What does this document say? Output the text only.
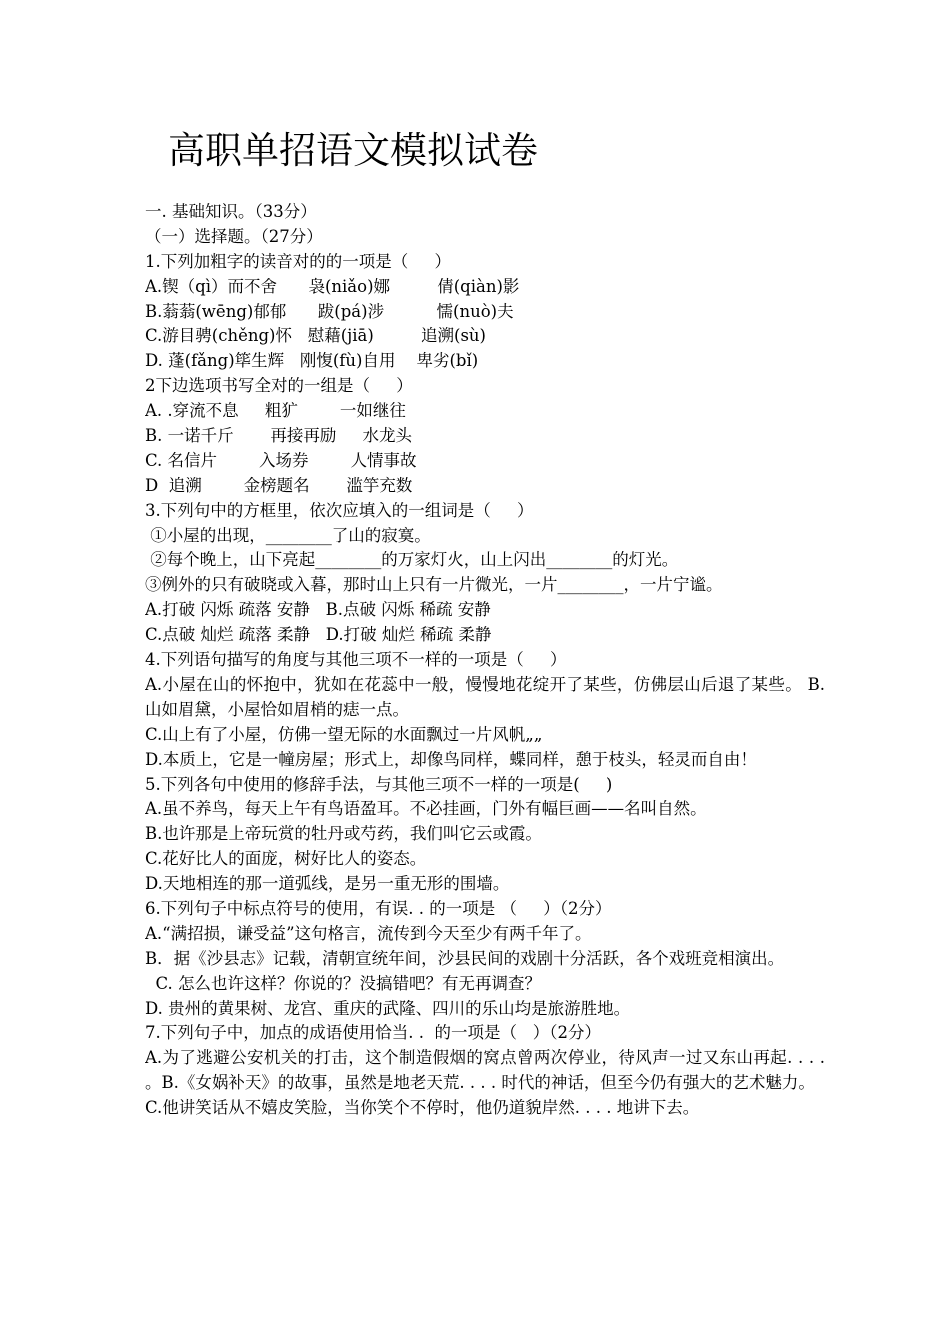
高职单招语文模拟试卷
一. 基础知识。（33分）
（一）选择题。（27分）
1.下列加粗字的读音对的的一项是（     ）
A.锲（qì）而不舍      袅(niǎo)娜         倩(qiàn)影
B.蓊蓊(wēng)郁郁      跋(pá)涉          懦(nuò)夫
C.游目骋(chěng)怀   慰藉(jiā)         追溯(sù)
D. 蓬(fǎng)筚生辉   刚愎(fù)自用    卑劣(bǐ)
2下边选项书写全对的一组是（     ）
A. .穿流不息     粗犷        一如继往
B. 一诺千斤       再接再励     水龙头
C. 名信片        入场券        人情事故
D  追溯        金榜题名       滥竽充数
3.下列句中的方框里，依次应填入的一组词是（     ）
①小屋的出现，________了山的寂寞。
②每个晚上，山下亮起________的万家灯火，山上闪出________的灯光。
③例外的只有破晓或入暮，那时山上只有一片微光，一片________，一片宁谧。
A.打破 闪烁 疏落 安静   B.点破 闪烁 稀疏 安静
C.点破 灿烂 疏落 柔静   D.打破 灿烂 稀疏 柔静
4.下列语句描写的角度与其他三项不一样的一项是（     ）
A.小屋在山的怀抱中，犹如在花蕊中一般，慢慢地花绽开了某些，仿佛层山后退了某些。 B.山如眉黛，小屋恰如眉梢的痣一点。
C.山上有了小屋，仿佛一望无际的水面飘过一片风帆„„
D.本质上，它是一幢房屋；形式上，却像鸟同样，蝶同样，憩于枝头，轻灵而自由！
5.下列各句中使用的修辞手法，与其他三项不一样的一项是(     )
A.虽不养鸟，每天上午有鸟语盈耳。不必挂画，门外有幅巨画——名叫自然。
B.也许那是上帝玩赏的牡丹或芍药，我们叫它云或霞。
C.花好比人的面庞，树好比人的姿态。
D.天地相连的那一道弧线，是另一重无形的围墙。
6.下列句子中标点符号的使用，有误. . 的一项是 （     ）（2分）
A.“满招损，谦受益”这句格言，流传到今天至少有两千年了。
B．据《沙县志》记载，清朝宣统年间，沙县民间的戏剧十分活跃，各个戏班竞相演出。
C. 怎么也许这样？你说的？没搞错吧？有无再调查？
D. 贵州的黄果树、龙宫、重庆的武隆、四川的乐山均是旅游胜地。
7.下列句子中，加点的成语使用恰当. .  的一项是（   ）（2分）
A.为了逃避公安机关的打击，这个制造假烟的窝点曾两次停业，待风声一过又东山再起. . . . 。B.《女娲补天》的故事，虽然是地老天荒. . . . 时代的神话，但至今仍有强大的艺术魅力。
C.他讲笑话从不嬉皮笑脸，当你笑个不停时，他仍道貌岸然. . . . 地讲下去。
